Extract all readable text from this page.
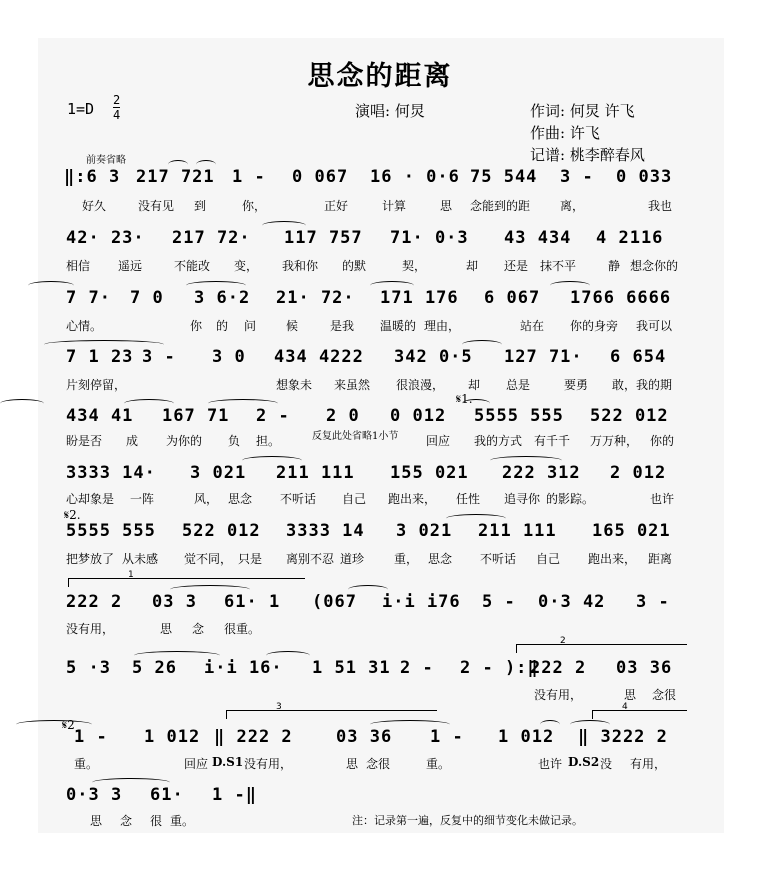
思念的距离
1=D 2
4	演唱: 何炅	作词: 何炅 许飞
作曲: 许飞
记谱: 桃李醉春风
前奏省略
‖:6 3 217 721 1 - 0 067 16 · 0·6 75 544 3 - 0 033
好久	没有见 到	你，	正好	计算	思 念能到的距 离，	我也
42· 23· 217 72· 117 757 71· 0·3 43 434 4 2116
相信 遥远	不能改 变， 我和你 的默	契，	却 还是 抹不平	静 想念你的
7 7· 7 0 3 6·2 21· 72· 171 176 6 067 1766 6666
心情。	你 的 问 候	是我 温暖的 理由，	站在 你的身旁 我可以
7 1 23 3 - 3 0 434 4222 342 0·5 127 71· 6 654
片刻停留，	想象未 来虽然 很浪漫， 却 总是	要勇 敢，我的期
𝄋1.
434 41 167 71 2 - 2 0 0 012 5555 555 522 012
盼是否 成 为你的 负 担。	回应 我的方式 有千千 万万种， 你的
反复此处省略1小节
3333 14· 3 021 211 111 155 021 222 312 2 012
心却象是 一阵	风， 思念 不听话 自己 跑出来， 任性 追寻你 的影踪。	也许
𝄋2.
5555 555 522 012 3333 14 3 021 211 111 165 021
把梦放了 从未感 觉不同， 只是 离别不忍 道珍 重， 思念 不听话 自己 跑出来， 距离
1
222 2 03 3 61· 1 (067 i·i i76 5 - 0·3 42 3 -
没有用，	思 念 很重。
2
5 ·3 5 26 i·i 16· 1 51 31 2 - 2 - ):‖
222 2 03 36
没有用，	思 念很
𝄋2
3	4
1 - 1 012 ‖ 222 2	03 36 1 - 1 012 ‖ 3222 2
重。	回应 D.S1 没有用，	思 念很	重。	也许 D.S2 没 有用，
0·3 3 61· 1 -‖
思 念 很 重。	注：记录第一遍，反复中的细节变化未做记录。
